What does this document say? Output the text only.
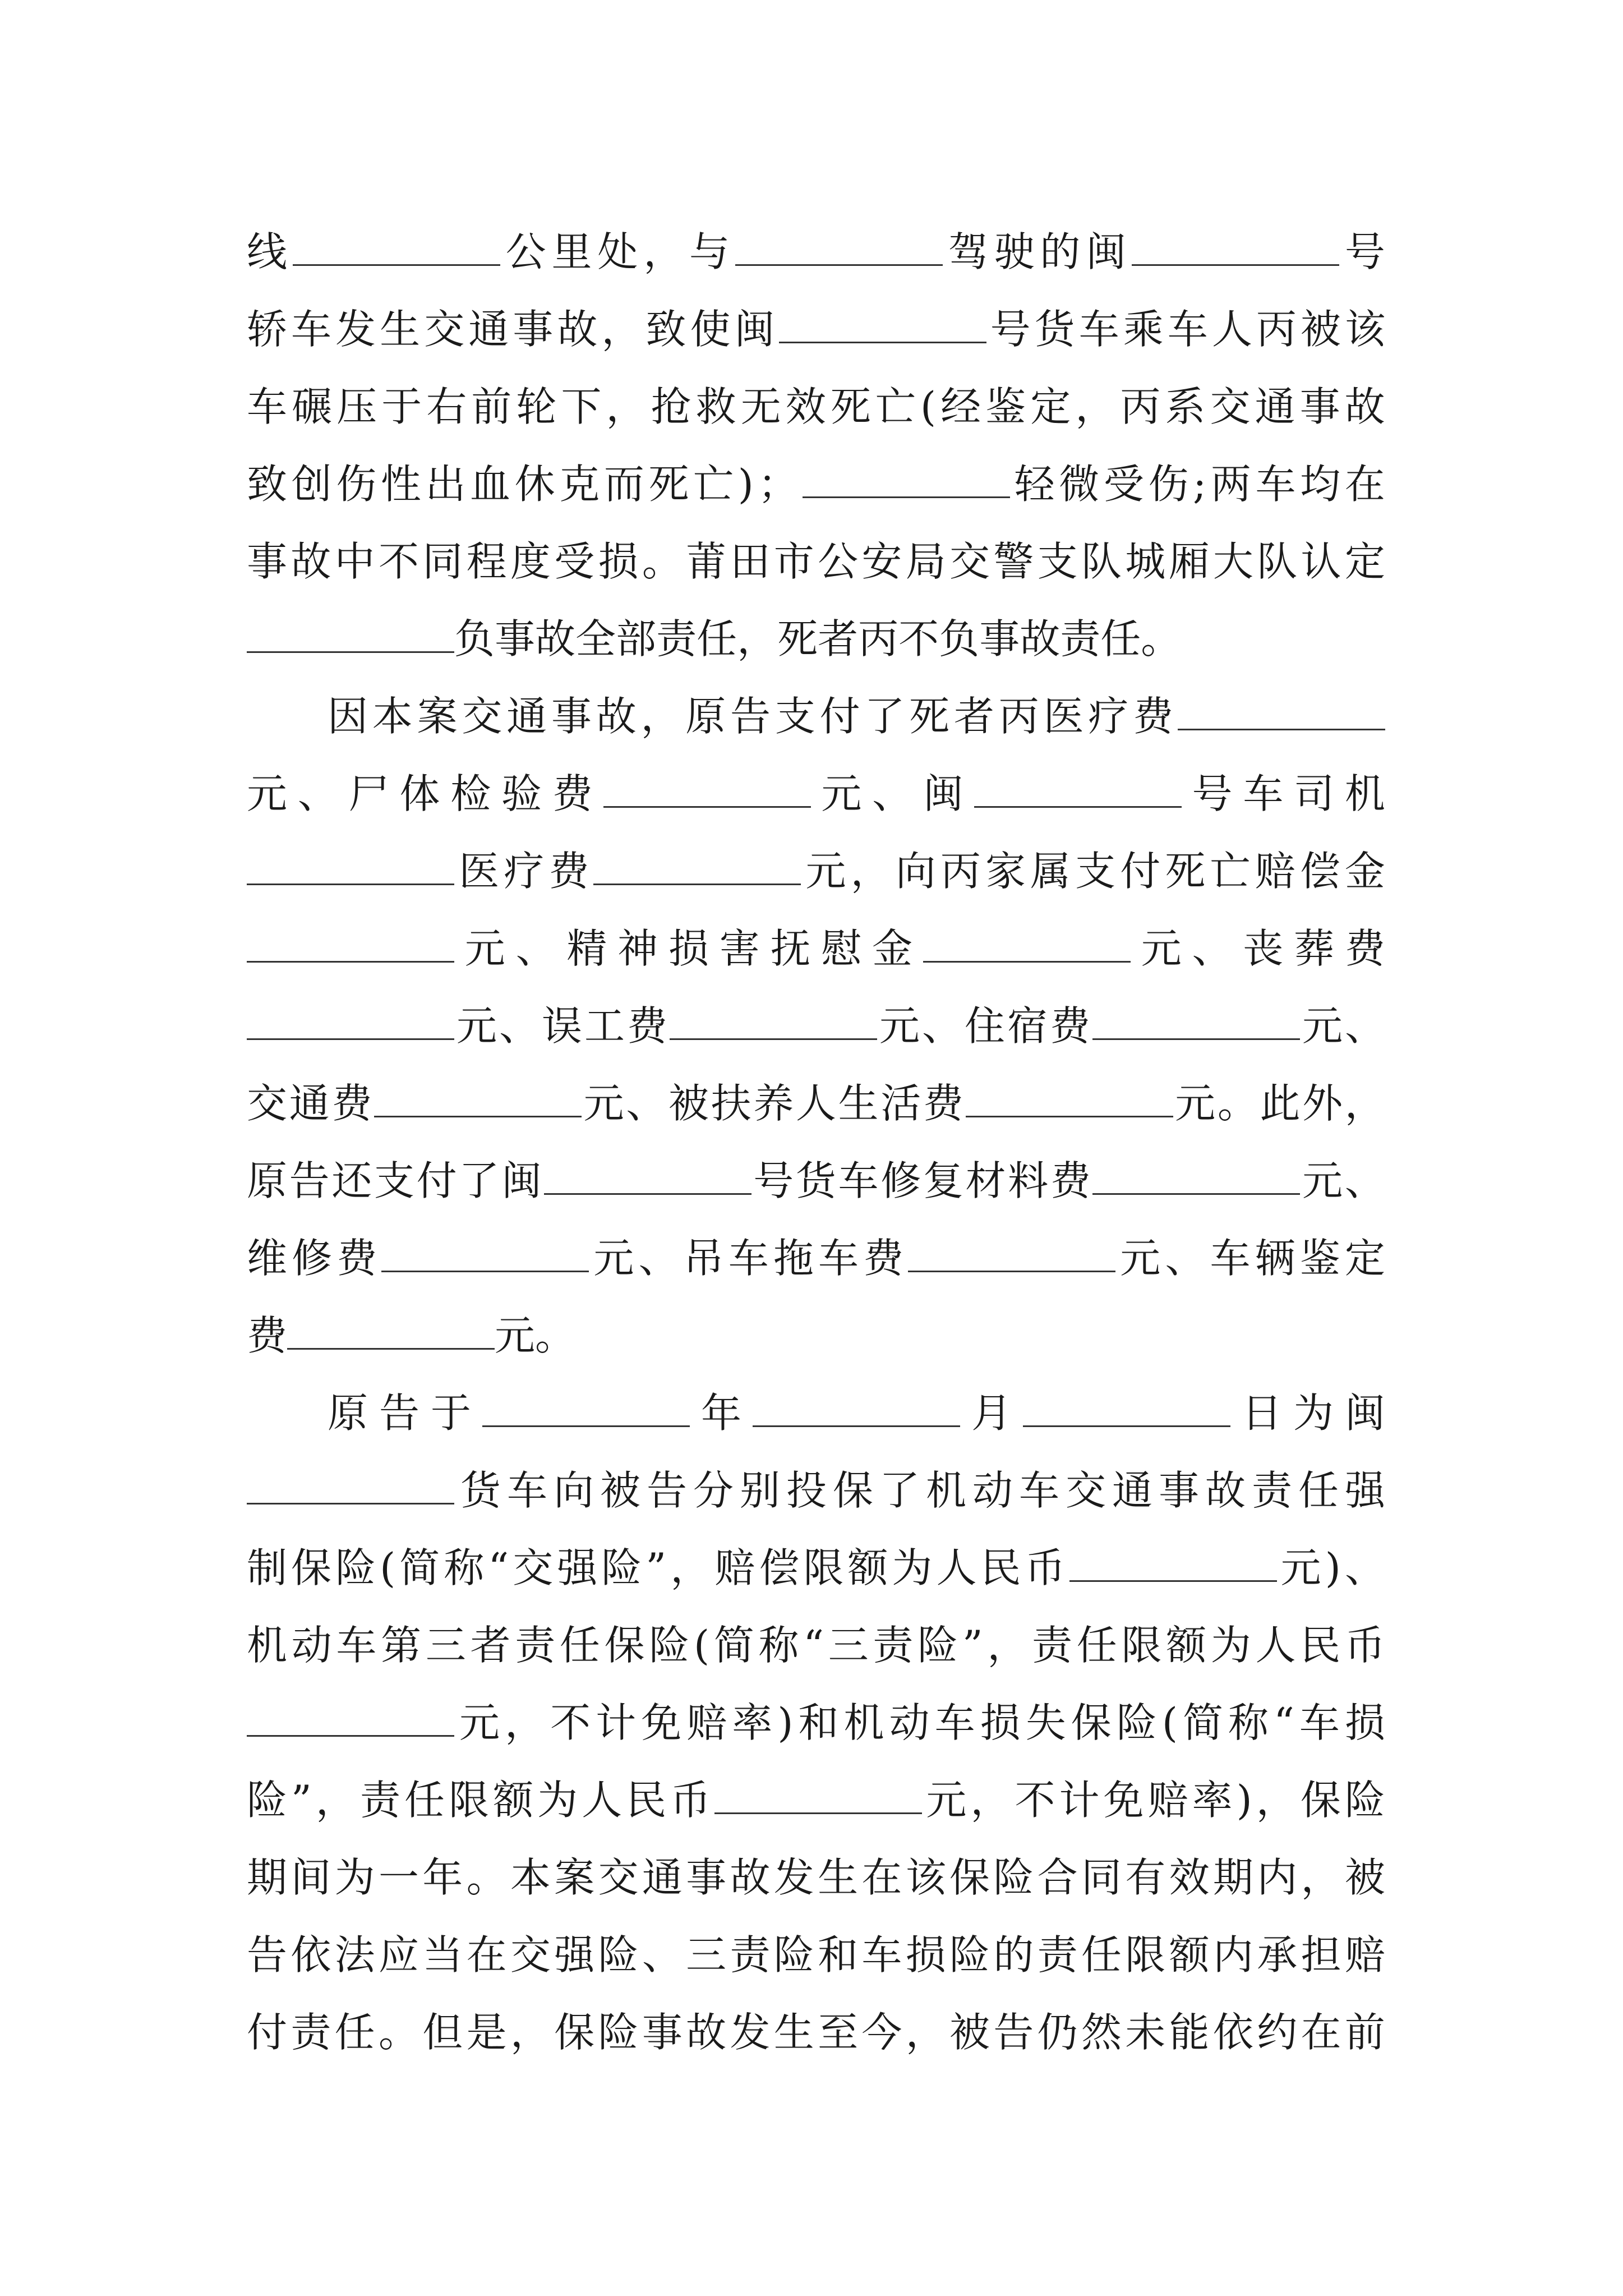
线	公 里 处 ， 与	驾 驶 的 闽	号
轿 车 发 生 交 通 事 故 ， 致 使 闽	号 货 车 乘 车 人 丙 被 该
车 碾 压 于 右 前 轮 下 ， 抢 救 无 效 死 亡 ( 经 鉴 定 ， 丙 系 交 通 事 故
致 创 伤 性 出 血 休 克 而 死 亡 ) ；	轻 微 受 伤 ; 两 车 均 在
事 故 中 不 同 程 度 受 损 。 莆 田 市 公 安 局 交 警 支 队 城 厢 大 队 认 定
负 事 故 全 部 责 任 ， 死 者 丙 不 负 事 故 责 任 。
因 本 案 交 通 事 故 ， 原 告 支 付 了 死 者 丙 医 疗 费
元 、 尸 体 检 验 费	元 、 闽	号 车 司 机
医 疗 费	元 ， 向 丙 家 属 支 付 死 亡 赔 偿 金
元 、 精 神 损 害 抚 慰 金	元 、 丧 葬 费
元 、 误 工 费	元 、 住 宿 费	元 、
交 通 费	元 、 被 扶 养 人 生 活 费	元 。 此 外 ，
原 告 还 支 付 了 闽	号 货 车 修 复 材 料 费	元 、
维 修 费	元 、 吊 车 拖 车 费	元 、 车 辆 鉴 定
费	元 。
原 告 于	年	月	日 为 闽
货 车 向 被 告 分 别 投 保 了 机 动 车 交 通 事 故 责 任 强
制 保 险 ( 简 称 “ 交 强 险 ” ， 赔 偿 限 额 为 人 民 币	元 ) 、
机 动 车 第 三 者 责 任 保 险 ( 简 称 “ 三 责 险 ” ， 责 任 限 额 为 人 民 币
元 ， 不 计 免 赔 率 ) 和 机 动 车 损 失 保 险 ( 简 称 “ 车 损
险 ” ， 责 任 限 额 为 人 民 币	元 ， 不 计 免 赔 率 ) ， 保 险
期 间 为 一 年 。 本 案 交 通 事 故 发 生 在 该 保 险 合 同 有 效 期 内 ， 被
告 依 法 应 当 在 交 强 险 、 三 责 险 和 车 损 险 的 责 任 限 额 内 承 担 赔
付 责 任 。 但 是 ， 保 险 事 故 发 生 至 今 ， 被 告 仍 然 未 能 依 约 在 前
